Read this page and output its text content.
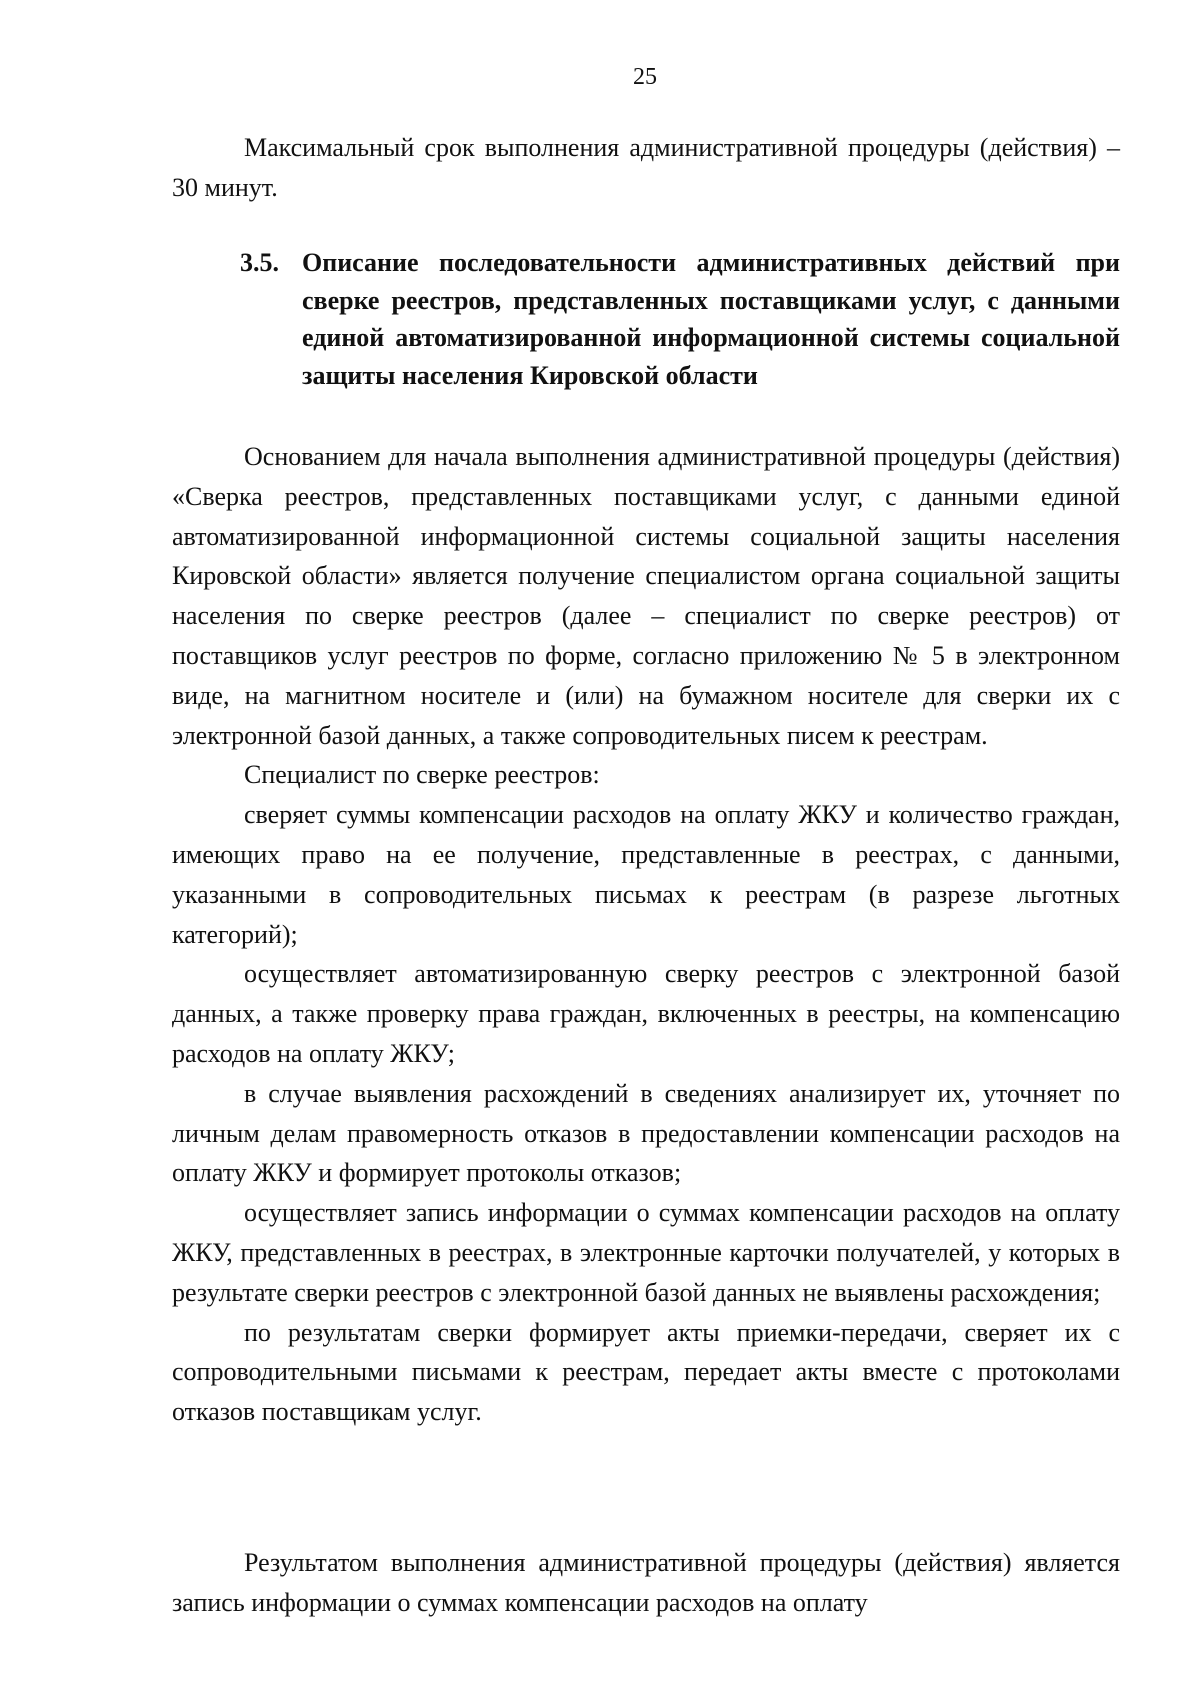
25

Максимальный срок выполнения административной процедуры (действия) – 30 минут.

3.5. Описание последовательности административных действий при сверке реестров, представленных поставщиками услуг, с данными единой автоматизированной информационной системы социальной защиты населения Кировской области

Основанием для начала выполнения административной процедуры (действия) «Сверка реестров, представленных поставщиками услуг, с данными единой автоматизированной информационной системы социальной защиты населения Кировской области» является получение специалистом органа социальной защиты населения по сверке реестров (далее – специалист по сверке реестров) от поставщиков услуг реестров по форме, согласно приложению № 5 в электронном виде, на магнитном носителе и (или) на бумажном носителе для сверки их с электронной базой данных, а также сопроводительных писем к реестрам.

Специалист по сверке реестров:

сверяет суммы компенсации расходов на оплату ЖКУ и количество граждан, имеющих право на ее получение, представленные в реестрах, с данными, указанными в сопроводительных письмах к реестрам (в разрезе льготных категорий);

осуществляет автоматизированную сверку реестров с электронной базой данных, а также проверку права граждан, включенных в реестры, на компенсацию расходов на оплату ЖКУ;

в случае выявления расхождений в сведениях анализирует их, уточняет по личным делам правомерность отказов в предоставлении компенсации расходов на оплату ЖКУ и формирует протоколы отказов;

осуществляет запись информации о суммах компенсации расходов на оплату ЖКУ, представленных в реестрах, в электронные карточки получателей, у которых в результате сверки реестров с электронной базой данных не выявлены расхождения;

по результатам сверки формирует акты приемки-передачи, сверяет их с сопроводительными письмами к реестрам, передает акты вместе с протоколами отказов поставщикам услуг.

Результатом выполнения административной процедуры (действия) является запись информации о суммах компенсации расходов на оплату
